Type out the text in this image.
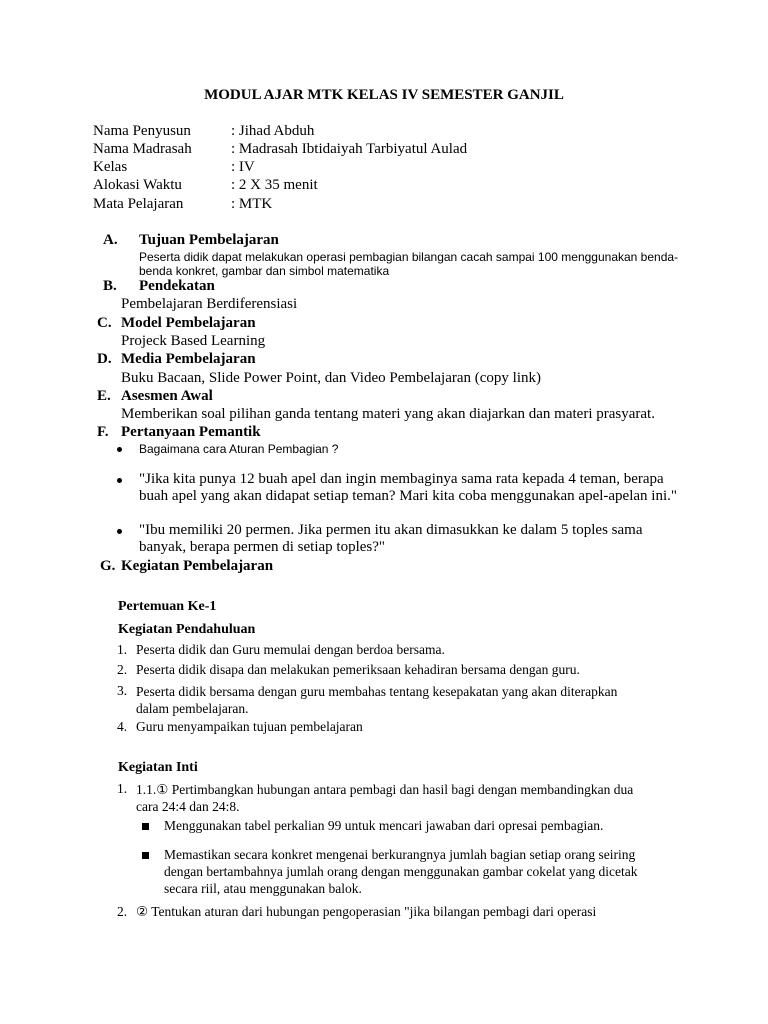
MODUL AJAR MTK KELAS IV SEMESTER GANJIL
Nama Penyusun	: Jihad Abduh
Nama Madrasah	: Madrasah Ibtidaiyah Tarbiyatul Aulad
Kelas	: IV
Alokasi Waktu	: 2 X 35 menit
Mata Pelajaran	: MTK
A. Tujuan Pembelajaran
Peserta didik dapat melakukan operasi pembagian bilangan cacah sampai 100 menggunakan benda-benda konkret, gambar dan simbol matematika
B. Pendekatan
Pembelajaran Berdiferensiasi
C. Model Pembelajaran
Projeck Based Learning
D. Media Pembelajaran
Buku Bacaan, Slide Power Point, dan Video Pembelajaran (copy link)
E. Asesmen Awal
Memberikan soal pilihan ganda tentang materi yang akan diajarkan dan materi prasyarat.
F. Pertanyaan Pemantik
Bagaimana cara Aturan Pembagian ?
"Jika kita punya 12 buah apel dan ingin membaginya sama rata kepada 4 teman, berapa buah apel yang akan didapat setiap teman? Mari kita coba menggunakan apel-apelan ini."
"Ibu memiliki 20 permen. Jika permen itu akan dimasukkan ke dalam 5 toples sama banyak, berapa permen di setiap toples?"
G. Kegiatan Pembelajaran
Pertemuan Ke-1
Kegiatan Pendahuluan
1. Peserta didik dan Guru memulai dengan berdoa bersama.
2. Peserta didik disapa dan melakukan pemeriksaan kehadiran bersama dengan guru.
3. Peserta didik bersama dengan guru membahas tentang kesepakatan yang akan diterapkan dalam pembelajaran.
4. Guru menyampaikan tujuan pembelajaran
Kegiatan Inti
1. 1.1.① Pertimbangkan hubungan antara pembagi dan hasil bagi dengan membandingkan dua cara 24:4 dan 24:8.
Menggunakan tabel perkalian 99 untuk mencari jawaban dari opresai pembagian.
Memastikan secara konkret mengenai berkurangnya jumlah bagian setiap orang seiring dengan bertambahnya jumlah orang dengan menggunakan gambar cokelat yang dicetak secara riil, atau menggunakan balok.
2. ② Tentukan aturan dari hubungan pengoperasian "jika bilangan pembagi dari operasi
